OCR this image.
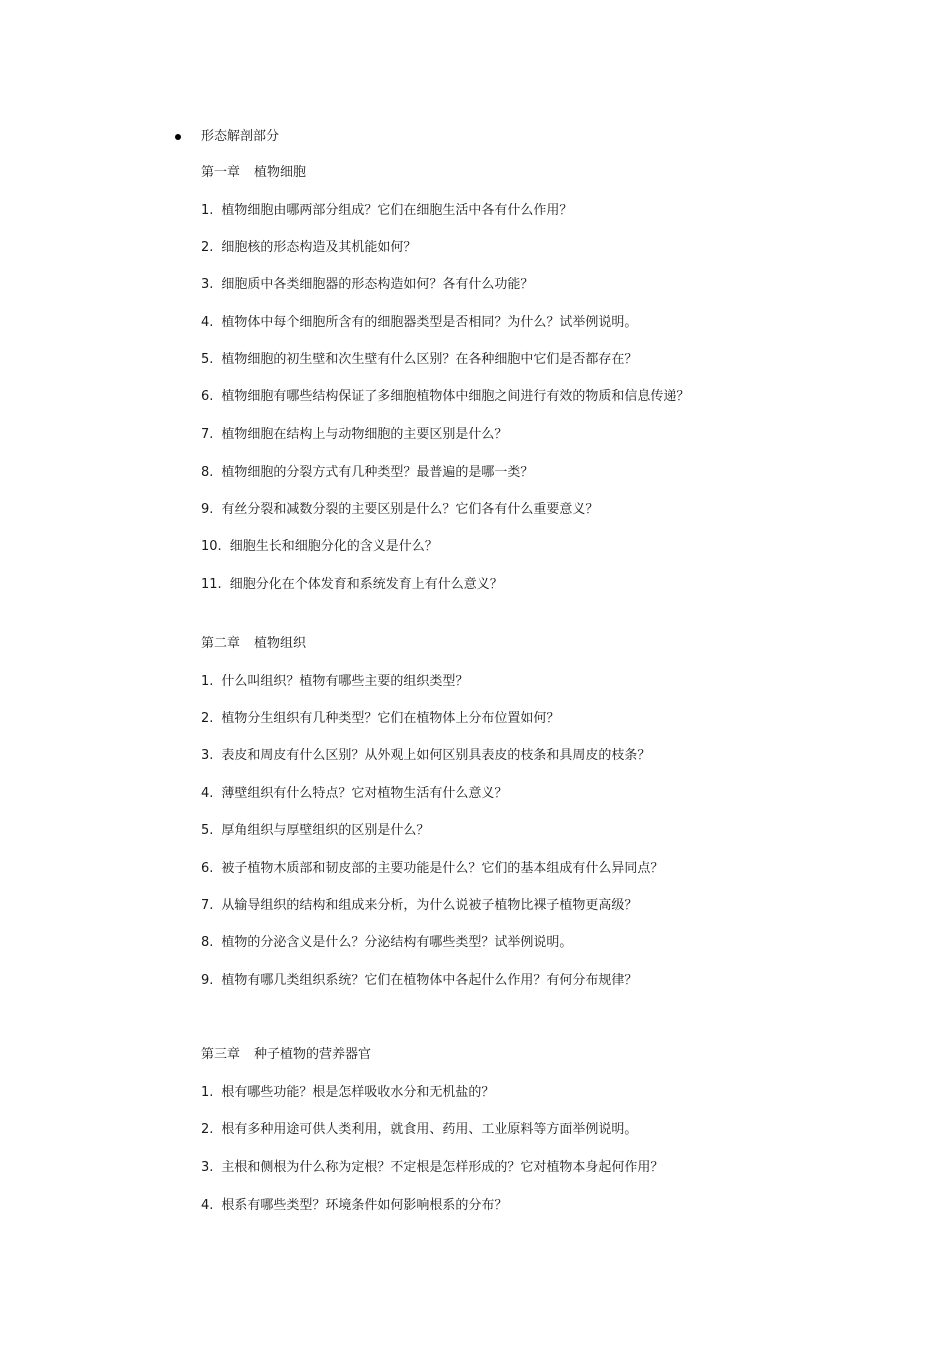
形态解剖部分
第一章 植物细胞
1. 植物细胞由哪两部分组成？它们在细胞生活中各有什么作用？
2. 细胞核的形态构造及其机能如何？
3. 细胞质中各类细胞器的形态构造如何？各有什么功能？
4. 植物体中每个细胞所含有的细胞器类型是否相同？为什么？试举例说明。
5. 植物细胞的初生壁和次生壁有什么区别？在各种细胞中它们是否都存在？
6. 植物细胞有哪些结构保证了多细胞植物体中细胞之间进行有效的物质和信息传递？
7. 植物细胞在结构上与动物细胞的主要区别是什么？
8. 植物细胞的分裂方式有几种类型？最普遍的是哪一类？
9. 有丝分裂和减数分裂的主要区别是什么？它们各有什么重要意义？
10. 细胞生长和细胞分化的含义是什么？
11. 细胞分化在个体发育和系统发育上有什么意义？
第二章 植物组织
1. 什么叫组织？植物有哪些主要的组织类型？
2. 植物分生组织有几种类型？它们在植物体上分布位置如何？
3. 表皮和周皮有什么区别？从外观上如何区别具表皮的枝条和具周皮的枝条？
4. 薄壁组织有什么特点？它对植物生活有什么意义？
5. 厚角组织与厚壁组织的区别是什么？
6. 被子植物木质部和韧皮部的主要功能是什么？它们的基本组成有什么异同点？
7. 从输导组织的结构和组成来分析，为什么说被子植物比裸子植物更高级？
8. 植物的分泌含义是什么？分泌结构有哪些类型？试举例说明。
9. 植物有哪几类组织系统？它们在植物体中各起什么作用？有何分布规律？
第三章 种子植物的营养器官
1. 根有哪些功能？根是怎样吸收水分和无机盐的？
2. 根有多种用途可供人类利用，就食用、药用、工业原料等方面举例说明。
3. 主根和侧根为什么称为定根？不定根是怎样形成的？它对植物本身起何作用？
4. 根系有哪些类型？环境条件如何影响根系的分布？
